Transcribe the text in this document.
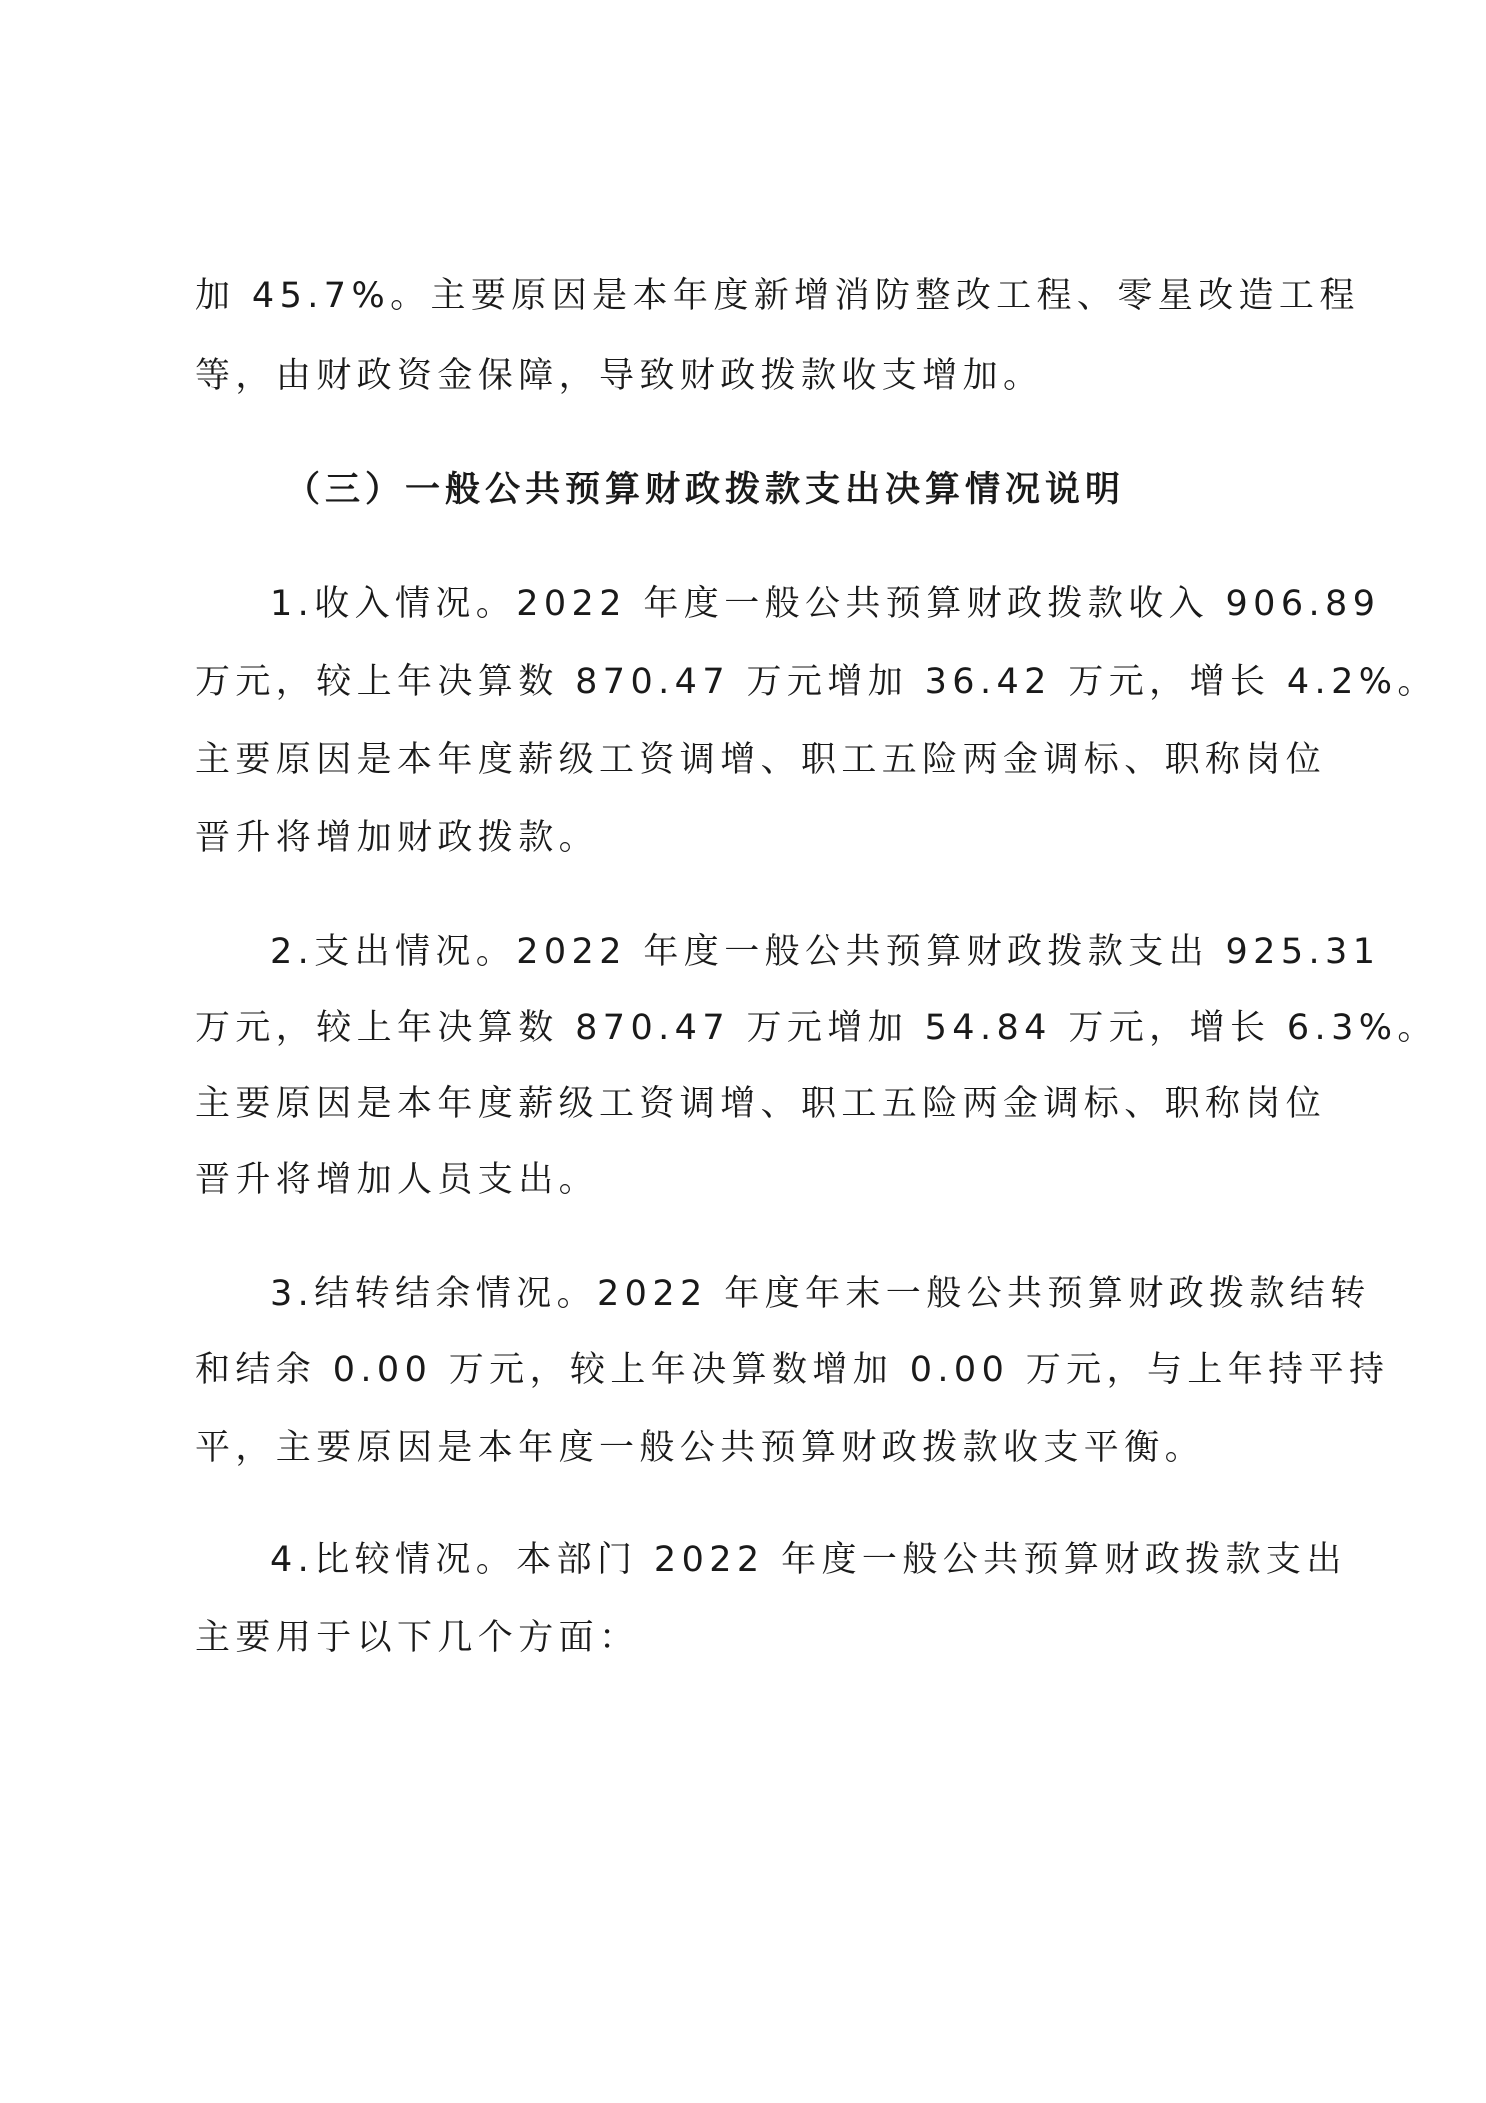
加 45.7%。主要原因是本年度新增消防整改工程、零星改造工程
等，由财政资金保障，导致财政拨款收支增加。
（三）一般公共预算财政拨款支出决算情况说明
1.收入情况。2022 年度一般公共预算财政拨款收入 906.89
万元，较上年决算数 870.47 万元增加 36.42 万元，增长 4.2%。
主要原因是本年度薪级工资调增、职工五险两金调标、职称岗位
晋升将增加财政拨款。
2.支出情况。2022 年度一般公共预算财政拨款支出 925.31
万元，较上年决算数 870.47 万元增加 54.84 万元，增长 6.3%。
主要原因是本年度薪级工资调增、职工五险两金调标、职称岗位
晋升将增加人员支出。
3.结转结余情况。2022 年度年末一般公共预算财政拨款结转
和结余 0.00 万元，较上年决算数增加 0.00 万元，与上年持平持
平，主要原因是本年度一般公共预算财政拨款收支平衡。
4.比较情况。本部门 2022 年度一般公共预算财政拨款支出
主要用于以下几个方面：
